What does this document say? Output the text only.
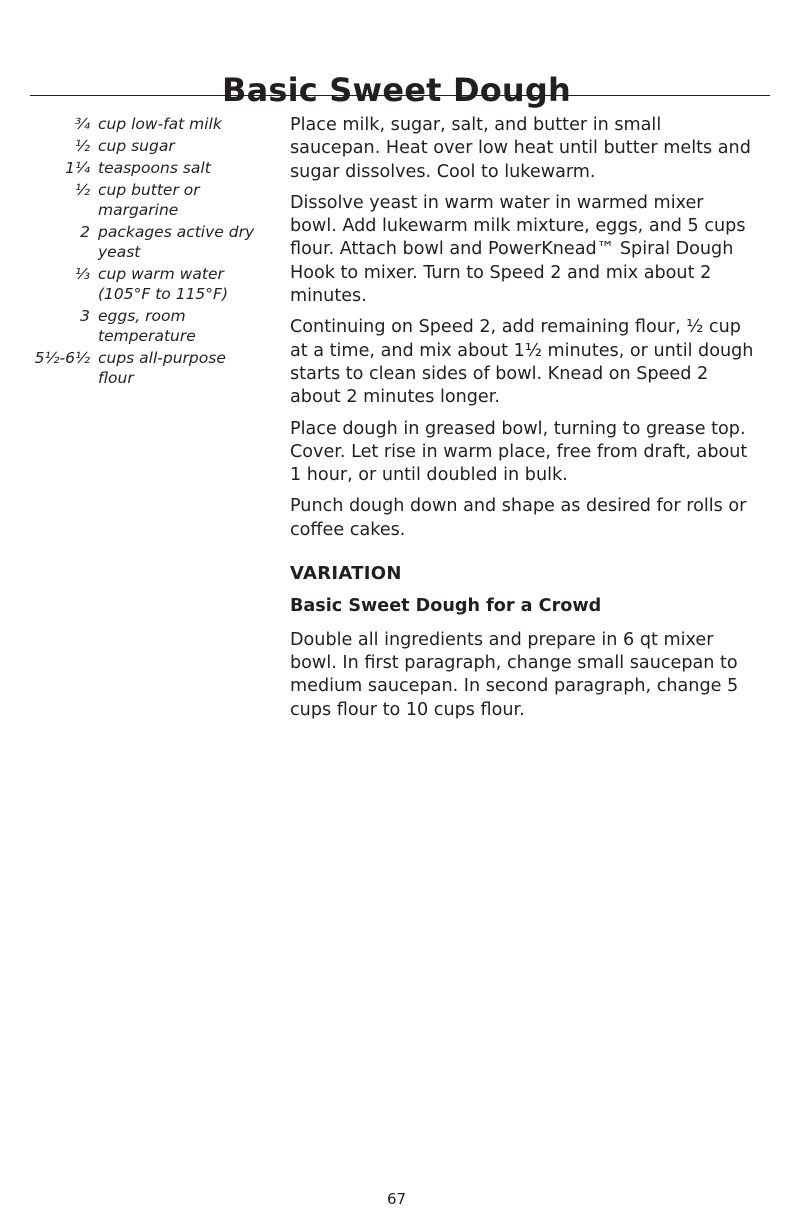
Basic Sweet Dough
¾ cup low-fat milk
½ cup sugar
1¼ teaspoons salt
½ cup butter or margarine
2 packages active dry yeast
⅓ cup warm water (105°F to 115°F)
3 eggs, room temperature
5½-6½ cups all-purpose flour

Place milk, sugar, salt, and butter in small saucepan. Heat over low heat until butter melts and sugar dissolves. Cool to lukewarm.

Dissolve yeast in warm water in warmed mixer bowl. Add lukewarm milk mixture, eggs, and 5 cups flour. Attach bowl and PowerKnead™ Spiral Dough Hook to mixer. Turn to Speed 2 and mix about 2 minutes.

Continuing on Speed 2, add remaining flour, ½ cup at a time, and mix about 1½ minutes, or until dough starts to clean sides of bowl. Knead on Speed 2 about 2 minutes longer.

Place dough in greased bowl, turning to grease top. Cover. Let rise in warm place, free from draft, about 1 hour, or until doubled in bulk.

Punch dough down and shape as desired for rolls or coffee cakes.

VARIATION
Basic Sweet Dough for a Crowd

Double all ingredients and prepare in 6 qt mixer bowl. In first paragraph, change small saucepan to medium saucepan. In second paragraph, change 5 cups flour to 10 cups flour.

67
